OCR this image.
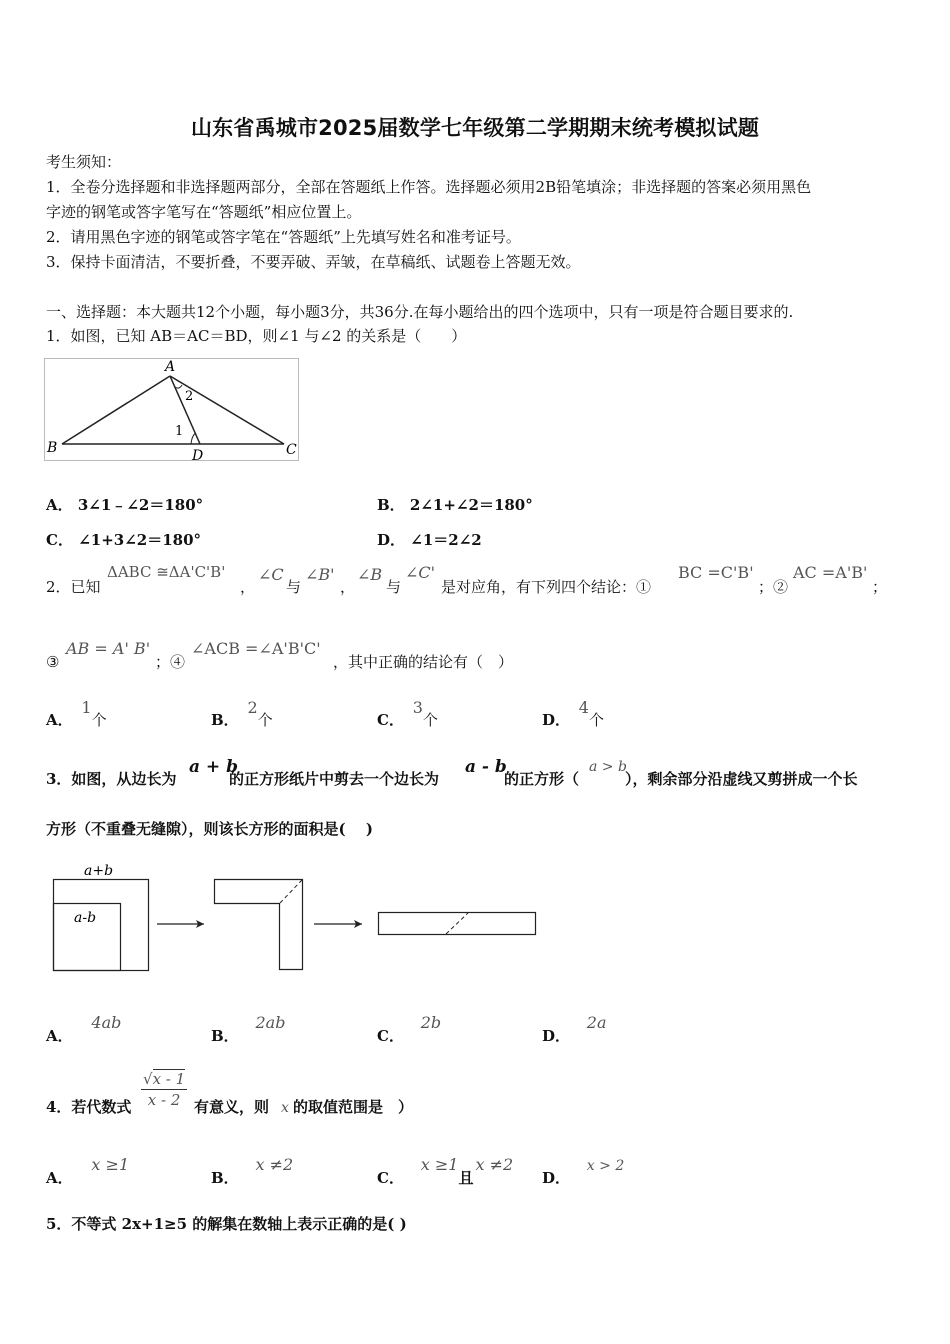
山东省禹城市2025届数学七年级第二学期期末统考模拟试题
考生须知：
1．全卷分选择题和非选择题两部分，全部在答题纸上作答。选择题必须用2B铅笔填涂；非选择题的答案必须用黑色
字迹的钢笔或答字笔写在“答题纸”相应位置上。
2．请用黑色字迹的钢笔或答字笔在“答题纸”上先填写姓名和准考证号。
3．保持卡面清洁，不要折叠，不要弄破、弄皱，在草稿纸、试题卷上答题无效。
一、选择题：本大题共12个小题，每小题3分，共36分.在每小题给出的四个选项中，只有一项是符合题目要求的.
1．如图，已知 AB＝AC＝BD，则∠1 与∠2 的关系是（　　）
A
B	C
D
1
2
A． 3∠1﹣∠2＝180°	B． 2∠1+∠2＝180°
C． ∠1+3∠2＝180°	D． ∠1＝2∠2
2．已知
ΔABC ≅ΔA'C'B'
，
∠C
与
∠B'
，
∠B
与
∠C'
是对应角，有下列四个结论：①
BC =C'B'
；②
AC =A'B'
；
③
AB = A' B'
；④
∠ACB =∠A'B'C'
，其中正确的结论有（　）
A． 1个	B． 2个	C． 3个	D． 4个
3．如图，从边长为
a + b
的正方形纸片中剪去一个边长为
a - b
的正方形（
a > b
），剩余部分沿虚线又剪拼成一个长
方形（不重叠无缝隙），则该长方形的面积是(　 )
a+b
a-b
A． 4ab
B． 2ab
C． 2b
D． 2a
4．若代数式
√x - 1
x - 2 有意义，则 x 的取值范围是　）
A． x ≥1
B． x ≠2
C． x ≥1且x ≠2
D． x > 2
5．不等式 2x+1≥5 的解集在数轴上表示正确的是( )
